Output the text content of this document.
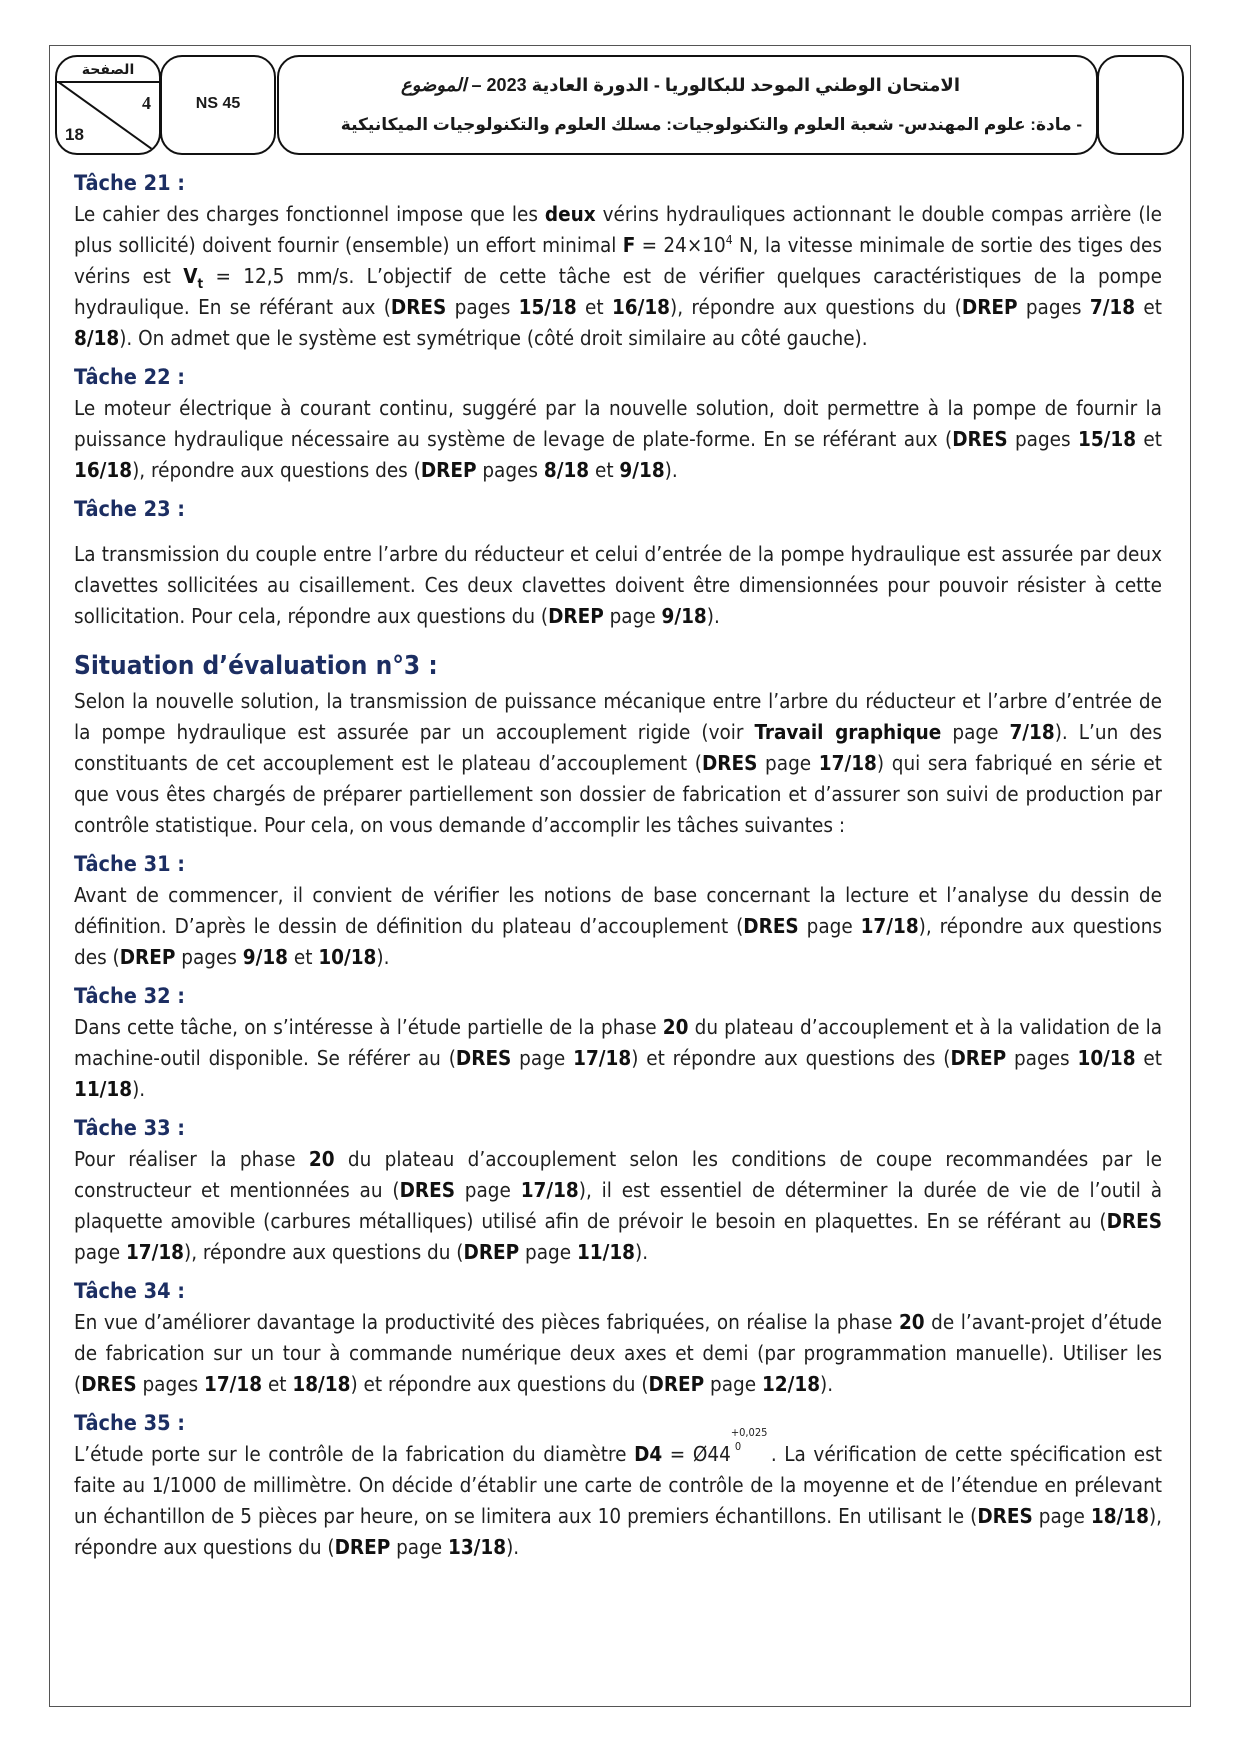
الصفحة
4
18
NS 45
الامتحان الوطني الموحد للبكالوريا - الدورة العادية 2023 – الموضوع
- مادة: علوم المهندس- شعبة العلوم والتكنولوجيات: مسلك العلوم والتكنولوجيات الميكانيكية

Tâche 21 :

Le cahier des charges fonctionnel impose que les deux vérins hydrauliques actionnant le double compas arrière (le plus sollicité) doivent fournir (ensemble) un effort minimal $F = 24\times 10^4$ N, la vitesse minimale de sortie des tiges des vérins est $V_t = 12,5$ mm/s. L’objectif de cette tâche est de vérifier quelques caractéristiques de la pompe hydraulique. En se référant aux (DRES pages 15/18 et 16/18), répondre aux questions du (DREP pages 7/18 et 8/18). On admet que le système est symétrique (côté droit similaire au côté gauche).

Tâche 22 :

Le moteur électrique à courant continu, suggéré par la nouvelle solution, doit permettre à la pompe de fournir la puissance hydraulique nécessaire au système de levage de plate-forme. En se référant aux (DRES pages 15/18 et 16/18), répondre aux questions des (DREP pages 8/18 et 9/18).

Tâche 23 :

La transmission du couple entre l’arbre du réducteur et celui d’entrée de la pompe hydraulique est assurée par deux clavettes sollicitées au cisaillement. Ces deux clavettes doivent être dimensionnées pour pouvoir résister à cette sollicitation. Pour cela, répondre aux questions du (DREP page 9/18).

Situation d’évaluation n°3 :

Selon la nouvelle solution, la transmission de puissance mécanique entre l’arbre du réducteur et l’arbre d’entrée de la pompe hydraulique est assurée par un accouplement rigide (voir Travail graphique page 7/18). L’un des constituants de cet accouplement est le plateau d’accouplement (DRES page 17/18) qui sera fabriqué en série et que vous êtes chargés de préparer partiellement son dossier de fabrication et d’assurer son suivi de production par contrôle statistique. Pour cela, on vous demande d’accomplir les tâches suivantes :

Tâche 31 :

Avant de commencer, il convient de vérifier les notions de base concernant la lecture et l’analyse du dessin de définition. D’après le dessin de définition du plateau d’accouplement (DRES page 17/18), répondre aux questions des (DREP pages 9/18 et 10/18).

Tâche 32 :

Dans cette tâche, on s’intéresse à l’étude partielle de la phase 20 du plateau d’accouplement et à la validation de la machine-outil disponible. Se référer au (DRES page 17/18) et répondre aux questions des (DREP pages 10/18 et 11/18).

Tâche 33 :

Pour réaliser la phase 20 du plateau d’accouplement selon les conditions de coupe recommandées par le constructeur et mentionnées au (DRES page 17/18), il est essentiel de déterminer la durée de vie de l’outil à plaquette amovible (carbures métalliques) utilisé afin de prévoir le besoin en plaquettes. En se référant au (DRES page 17/18), répondre aux questions du (DREP page 11/18).

Tâche 34 :

En vue d’améliorer davantage la productivité des pièces fabriquées, on réalise la phase 20 de l’avant-projet d’étude de fabrication sur un tour à commande numérique deux axes et demi (par programmation manuelle). Utiliser les (DRES pages 17/18 et 18/18) et répondre aux questions du (DREP page 12/18).

Tâche 35 :

L’étude porte sur le contrôle de la fabrication du diamètre D4 = Ø44
+0,025
0 . La vérification de cette spécification est faite au 1/1000 de millimètre. On décide d’établir une carte de contrôle de la moyenne et de l’étendue en prélevant un échantillon de 5 pièces par heure, on se limitera aux 10 premiers échantillons. En utilisant le (DRES page 18/18), répondre aux questions du (DREP page 13/18).
